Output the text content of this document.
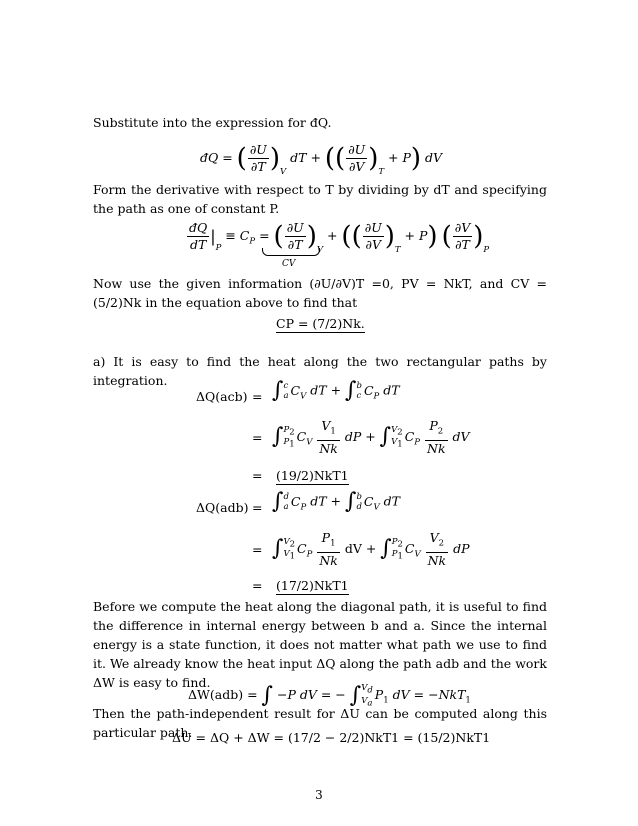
Substitute into the expression for đQ.
đQ = ( $\frac{\partial U}{\partial T} )_V$ dT + (( $\frac{\partial U}{\partial V} )_T + P$) dV
Form the derivative with respect to T by dividing by dT and specifying the path as one of constant P.
$\frac{đQ}{dT} |_P \equiv C_P$ = ( $\frac{\partial U}{\partial T} )_V$ + (( $\frac{\partial U}{\partial V} )_T + P$) ( $\frac{\partial V}{\partial T} )_P$
CV
Now use the given information (∂U/∂V)T =0, PV = NkT, and CV = (5/2)Nk in the equation above to find that
CP = (7/2)Nk.
a) It is easy to find the heat along the two rectangular paths by integration.
ΔQ(acb) = ∫ c
a $C_V$ dT + ∫ b
c $C_P$ dT
= ∫ $P_2$
$P_1$
$C_V \frac{V_1}{Nk}$ dP + ∫ $V_2$
$V_1$
$C_P \frac{P_2}{Nk}$ dV
= (19/2)NkT1
ΔQ(adb) = ∫ d
a $C_P$ dT + ∫ b
d $C_V$ dT
= ∫ $V_2$
$V_1$
$C_P \frac{P_1}{Nk}$ dV + ∫ $P_2$
$P_1$
$C_V \frac{V_2}{Nk}$ dP
= (17/2)NkT1
Before we compute the heat along the diagonal path, it is useful to find the difference in internal energy between b and a. Since the internal energy is a state function, it does not matter what path we use to find it. We already know the heat input ΔQ along the path adb and the work ΔW is easy to find.
ΔW(adb) = ∫ −P dV = − ∫ $V_d$
$V_a$
$P_1$ dV = −NkT$_1$
Then the path-independent result for ΔU can be computed along this particular path.
ΔU = ΔQ + ΔW = (17/2 − 2/2)NkT1 = (15/2)NkT1
3
